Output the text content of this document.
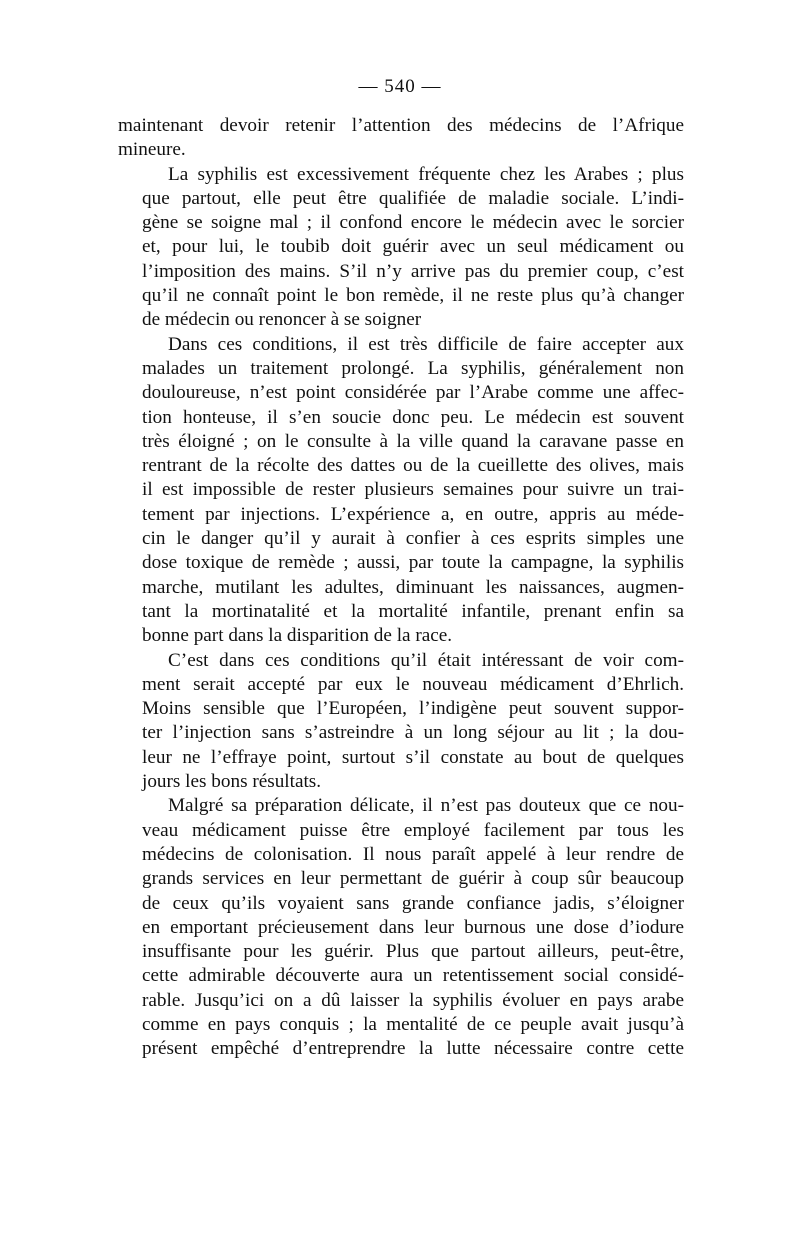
— 540 —
maintenant devoir retenir l’attention des médecins de l’Afrique
mineure.
La syphilis est excessivement fréquente chez les Arabes ; plus
que partout, elle peut être qualifiée de maladie sociale. L’indi-
gène se soigne mal ; il confond encore le médecin avec le sorcier
et, pour lui, le toubib doit guérir avec un seul médicament ou
l’imposition des mains. S’il n’y arrive pas du premier coup, c’est
qu’il ne connaît point le bon remède, il ne reste plus qu’à changer
de médecin ou renoncer à se soigner
Dans ces conditions, il est très difficile de faire accepter aux
malades un traitement prolongé. La syphilis, généralement non
douloureuse, n’est point considérée par l’Arabe comme une affec-
tion honteuse, il s’en soucie donc peu. Le médecin est souvent
très éloigné ; on le consulte à la ville quand la caravane passe en
rentrant de la récolte des dattes ou de la cueillette des olives, mais
il est impossible de rester plusieurs semaines pour suivre un trai-
tement par injections. L’expérience a, en outre, appris au méde-
cin le danger qu’il y aurait à confier à ces esprits simples une
dose toxique de remède ; aussi, par toute la campagne, la syphilis
marche, mutilant les adultes, diminuant les naissances, augmen-
tant la mortinatalité et la mortalité infantile, prenant enfin sa
bonne part dans la disparition de la race.
C’est dans ces conditions qu’il était intéressant de voir com-
ment serait accepté par eux le nouveau médicament d’Ehrlich.
Moins sensible que l’Européen, l’indigène peut souvent suppor-
ter l’injection sans s’astreindre à un long séjour au lit ; la dou-
leur ne l’effraye point, surtout s’il constate au bout de quelques
jours les bons résultats.
Malgré sa préparation délicate, il n’est pas douteux que ce nou-
veau médicament puisse être employé facilement par tous les
médecins de colonisation. Il nous paraît appelé à leur rendre de
grands services en leur permettant de guérir à coup sûr beaucoup
de ceux qu’ils voyaient sans grande confiance jadis, s’éloigner
en emportant précieusement dans leur burnous une dose d’iodure
insuffisante pour les guérir. Plus que partout ailleurs, peut-être,
cette admirable découverte aura un retentissement social considé-
rable. Jusqu’ici on a dû laisser la syphilis évoluer en pays arabe
comme en pays conquis ; la mentalité de ce peuple avait jusqu’à
présent empêché d’entreprendre la lutte nécessaire contre cette
